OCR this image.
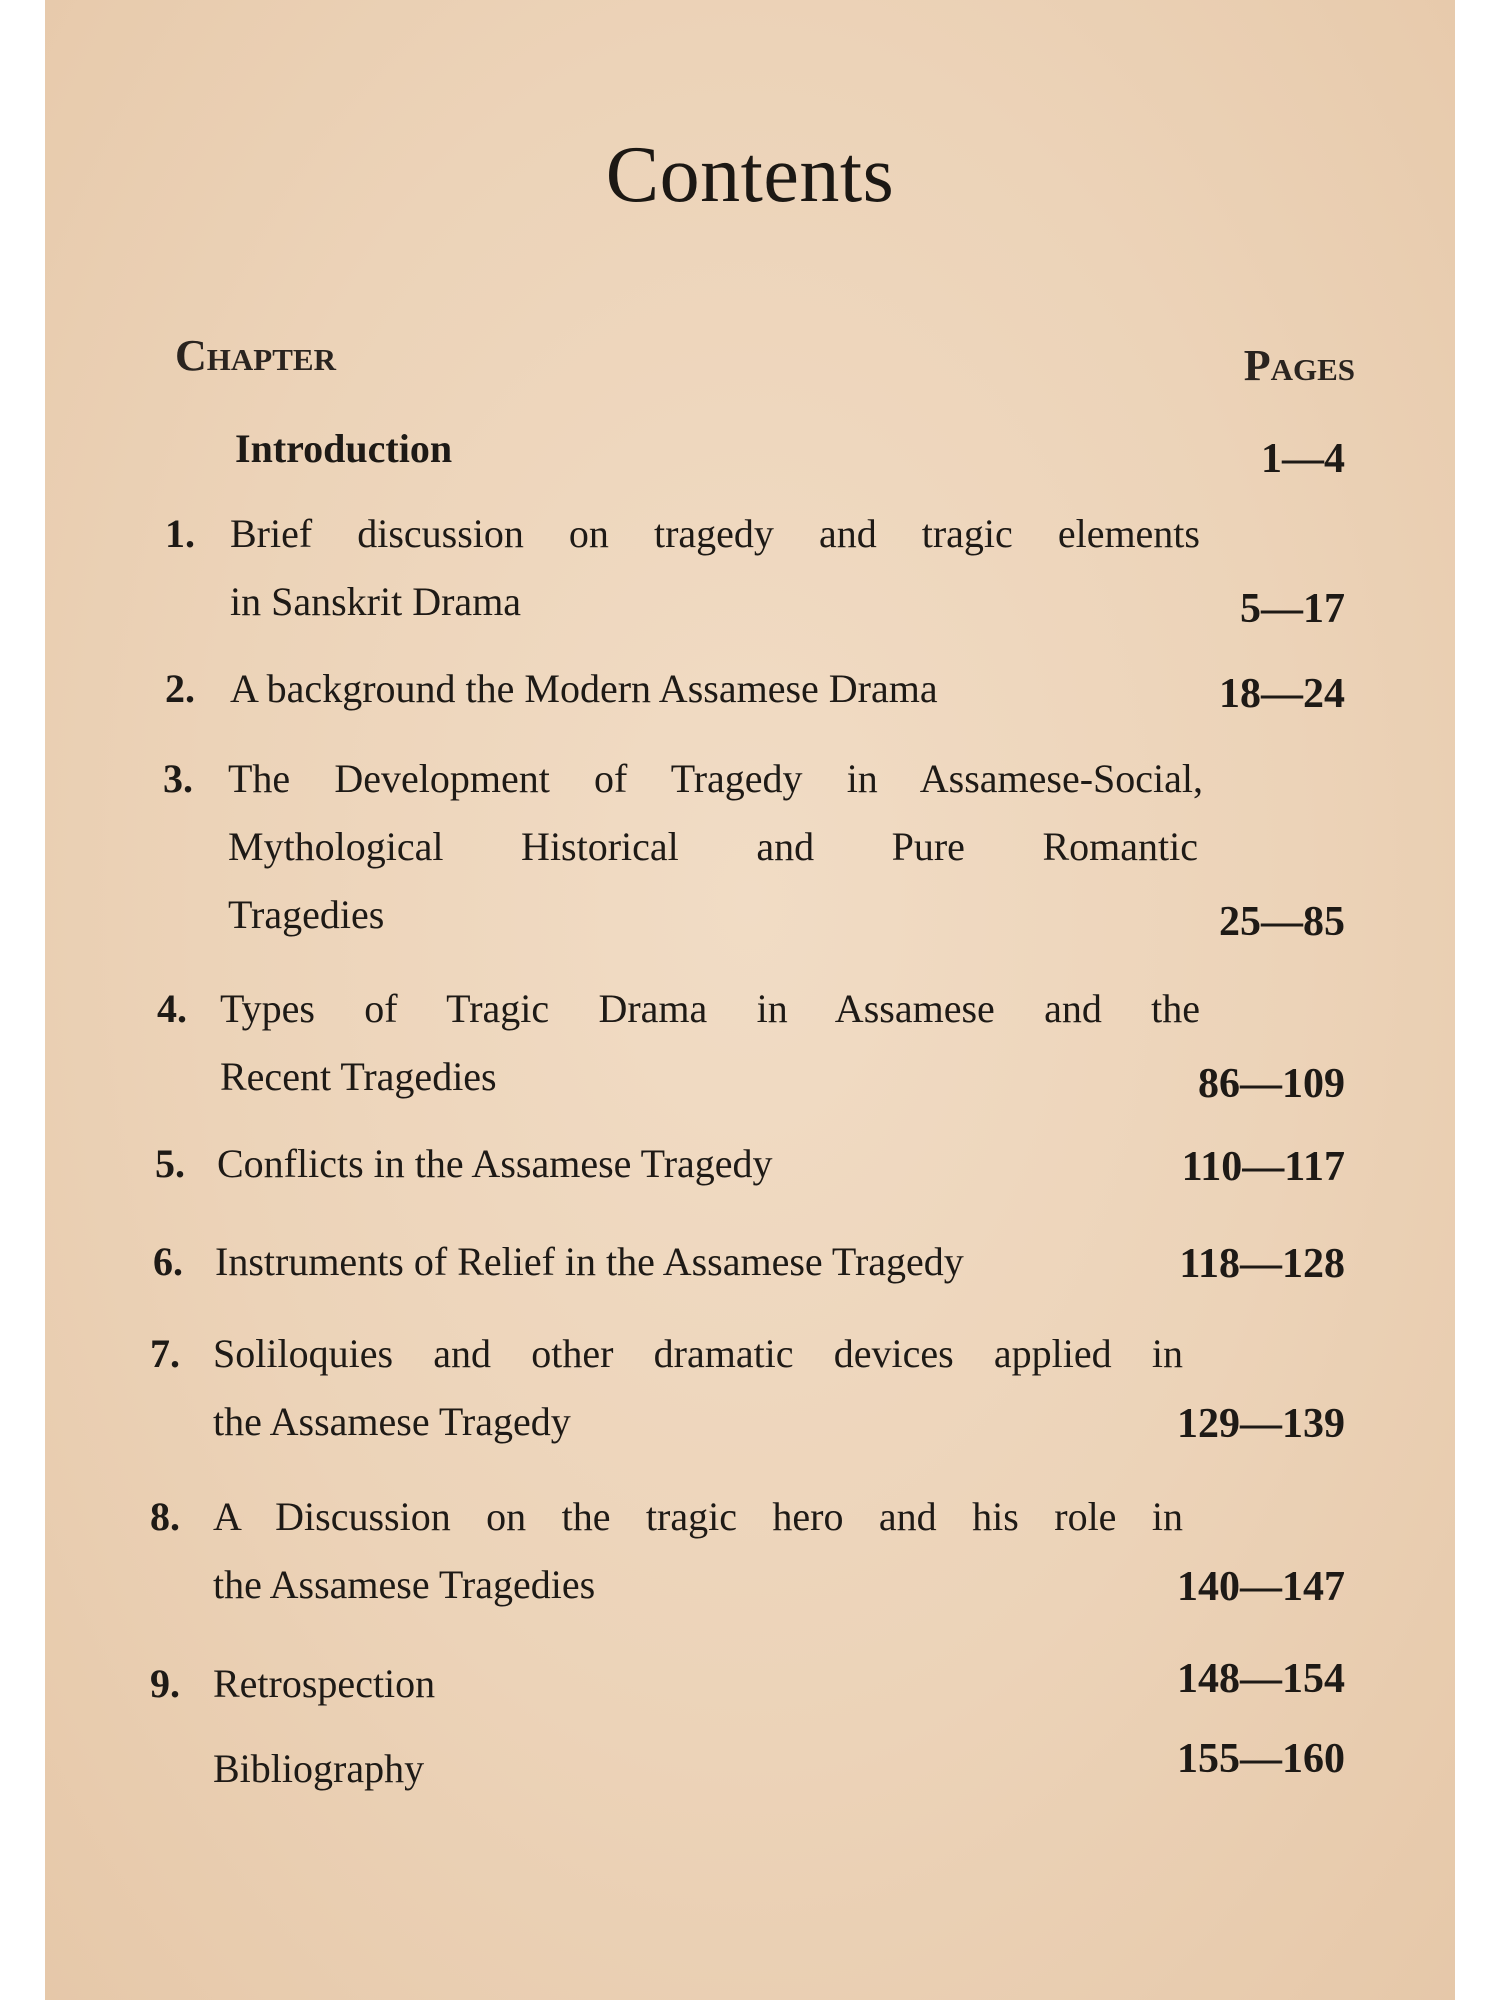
Contents
Chapter	Pages
Introduction	1—4
1. Brief discussion on tragedy and tragic elements
in Sanskrit Drama	5—17
2. A background the Modern Assamese Drama	18—24
3. The Development of Tragedy in Assamese-Social,
Mythological Historical and Pure Romantic
Tragedies	25—85
4. Types of Tragic Drama in Assamese and the
Recent Tragedies	86—109
5. Conflicts in the Assamese Tragedy	110—117
6. Instruments of Relief in the Assamese Tragedy	118—128
7. Soliloquies and other dramatic devices applied in
the Assamese Tragedy	129—139
8. A Discussion on the tragic hero and his role in
the Assamese Tragedies	140—147
9. Retrospection	148—154
Bibliography	155—160
